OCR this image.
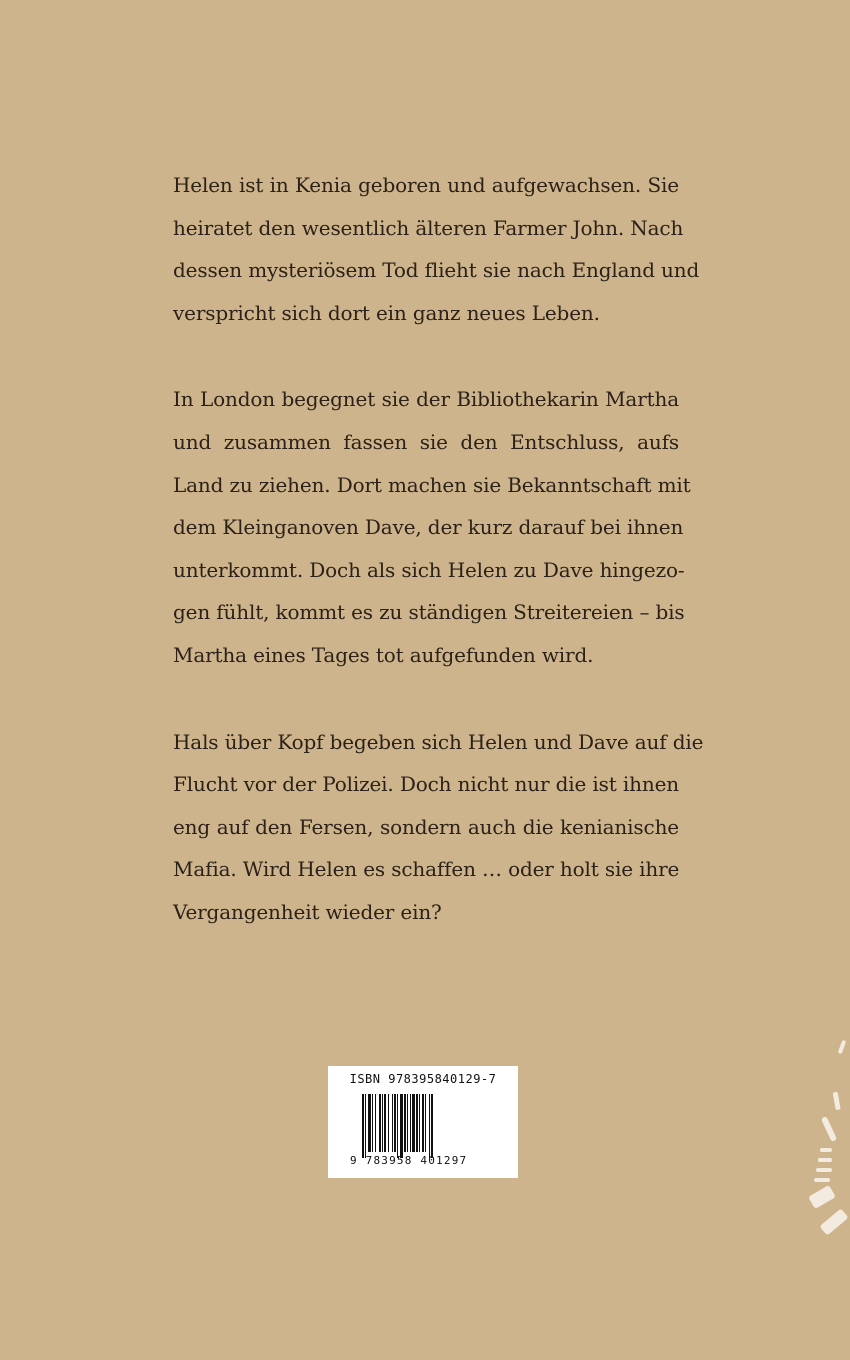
Helen ist in Kenia geboren und aufgewachsen. Sie
heiratet den wesentlich älteren Farmer John. Nach
dessen mysteriösem Tod flieht sie nach England und
verspricht sich dort ein ganz neues Leben.

In London begegnet sie der Bibliothekarin Martha
und zusammen fassen sie den Entschluss, aufs
Land zu ziehen. Dort machen sie Bekanntschaft mit
dem Kleinganoven Dave, der kurz darauf bei ihnen
unterkommt. Doch als sich Helen zu Dave hingezo-
gen fühlt, kommt es zu ständigen Streitereien – bis
Martha eines Tages tot aufgefunden wird.

Hals über Kopf begeben sich Helen und Dave auf die
Flucht vor der Polizei. Doch nicht nur die ist ihnen
eng auf den Fersen, sondern auch die kenianische
Mafia. Wird Helen es schaffen … oder holt sie ihre
Vergangenheit wieder ein?

ISBN 978395840129-7
9 783958 401297
